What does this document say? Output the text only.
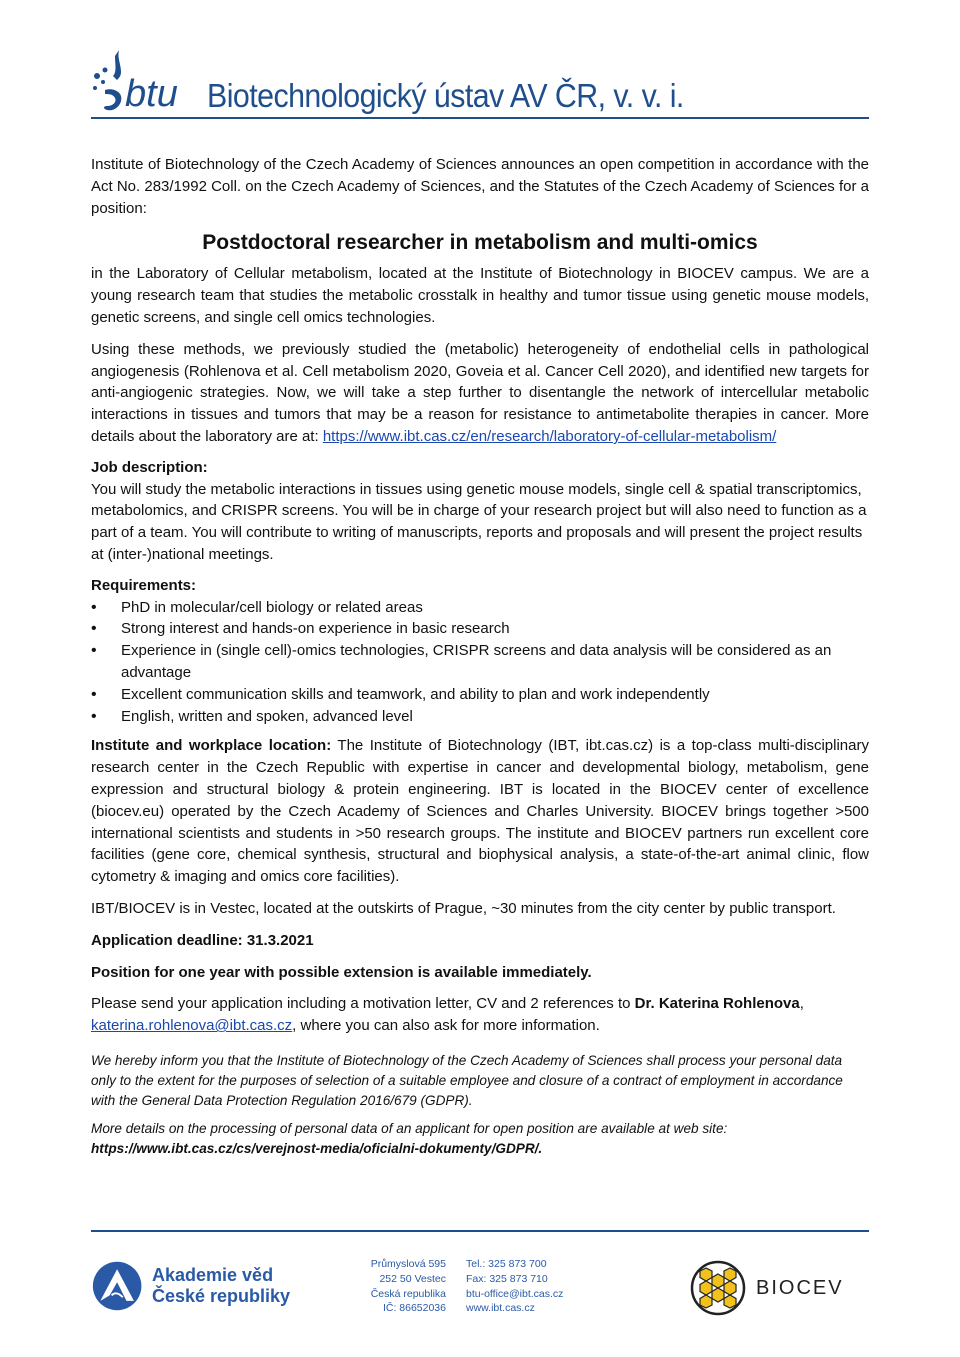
btu Biotechnologický ústav AV ČR, v. v. i.

Institute of Biotechnology of the Czech Academy of Sciences announces an open competition in accordance with the Act No. 283/1992 Coll. on the Czech Academy of Sciences, and the Statutes of the Czech Academy of Sciences for a position:

Postdoctoral researcher in metabolism and multi-omics

in the Laboratory of Cellular metabolism, located at the Institute of Biotechnology in BIOCEV campus. We are a young research team that studies the metabolic crosstalk in healthy and tumor tissue using genetic mouse models, genetic screens, and single cell omics technologies.

Using these methods, we previously studied the (metabolic) heterogeneity of endothelial cells in pathological angiogenesis (Rohlenova et al. Cell metabolism 2020, Goveia et al. Cancer Cell 2020), and identified new targets for anti-angiogenic strategies. Now, we will take a step further to disentangle the network of intercellular metabolic interactions in tissues and tumors that may be a reason for resistance to antimetabolite therapies in cancer. More details about the laboratory are at: https://www.ibt.cas.cz/en/research/laboratory-of-cellular-metabolism/

Job description:
You will study the metabolic interactions in tissues using genetic mouse models, single cell & spatial transcriptomics, metabolomics, and CRISPR screens. You will be in charge of your research project but will also need to function as a part of a team. You will contribute to writing of manuscripts, reports and proposals and will present the project results at (inter-)national meetings.

Requirements:
• PhD in molecular/cell biology or related areas
• Strong interest and hands-on experience in basic research
• Experience in (single cell)-omics technologies, CRISPR screens and data analysis will be considered as an advantage
• Excellent communication skills and teamwork, and ability to plan and work independently
• English, written and spoken, advanced level

Institute and workplace location: The Institute of Biotechnology (IBT, ibt.cas.cz) is a top-class multi-disciplinary research center in the Czech Republic with expertise in cancer and developmental biology, metabolism, gene expression and structural biology & protein engineering. IBT is located in the BIOCEV center of excellence (biocev.eu) operated by the Czech Academy of Sciences and Charles University. BIOCEV brings together >500 international scientists and students in >50 research groups. The institute and BIOCEV partners run excellent core facilities (gene core, chemical synthesis, structural and biophysical analysis, a state-of-the-art animal clinic, flow cytometry & imaging and omics core facilities).

IBT/BIOCEV is in Vestec, located at the outskirts of Prague, ~30 minutes from the city center by public transport.

Application deadline: 31.3.2021

Position for one year with possible extension is available immediately.

Please send your application including a motivation letter, CV and 2 references to Dr. Katerina Rohlenova,
katerina.rohlenova@ibt.cas.cz, where you can also ask for more information.

We hereby inform you that the Institute of Biotechnology of the Czech Academy of Sciences shall process your personal data only to the extent for the purposes of selection of a suitable employee and closure of a contract of employment in accordance with the General Data Protection Regulation 2016/679 (GDPR).

More details on the processing of personal data of an applicant for open position are available at web site: https://www.ibt.cas.cz/cs/verejnost-media/oficialni-dokumenty/GDPR/.

Akademie věd
České republiky
Průmyslová 595
252 50 Vestec
Česká republika
IČ: 86652036
Tel.: 325 873 700
Fax: 325 873 710
btu-office@ibt.cas.cz
www.ibt.cas.cz
BIOCEV
